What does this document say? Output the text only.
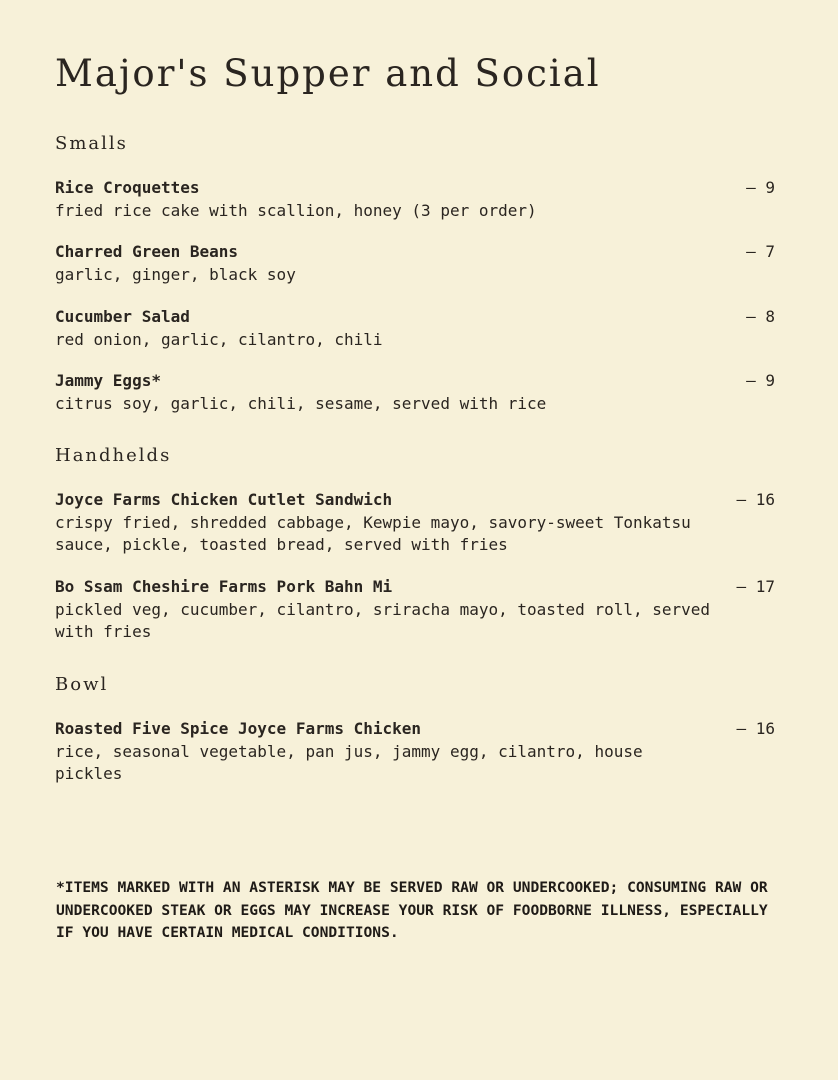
Major's Supper and Social
Smalls
Rice Croquettes	– 9
fried rice cake with scallion, honey (3 per order)
Charred Green Beans	– 7
garlic, ginger, black soy
Cucumber Salad	– 8
red onion, garlic, cilantro, chili
Jammy Eggs*	– 9
citrus soy, garlic, chili, sesame, served with rice
Handhelds
Joyce Farms Chicken Cutlet Sandwich	– 16
crispy fried, shredded cabbage, Kewpie mayo, savory-sweet Tonkatsu sauce, pickle, toasted bread, served with fries
Bo Ssam Cheshire Farms Pork Bahn Mi	– 17
pickled veg, cucumber, cilantro, sriracha mayo, toasted roll, served with fries
Bowl
Roasted Five Spice Joyce Farms Chicken	– 16
rice, seasonal vegetable, pan jus, jammy egg, cilantro, house pickles

*ITEMS MARKED WITH AN ASTERISK MAY BE SERVED RAW OR UNDERCOOKED; CONSUMING RAW OR UNDERCOOKED STEAK OR EGGS MAY INCREASE YOUR RISK OF FOODBORNE ILLNESS, ESPECIALLY IF YOU HAVE CERTAIN MEDICAL CONDITIONS.
